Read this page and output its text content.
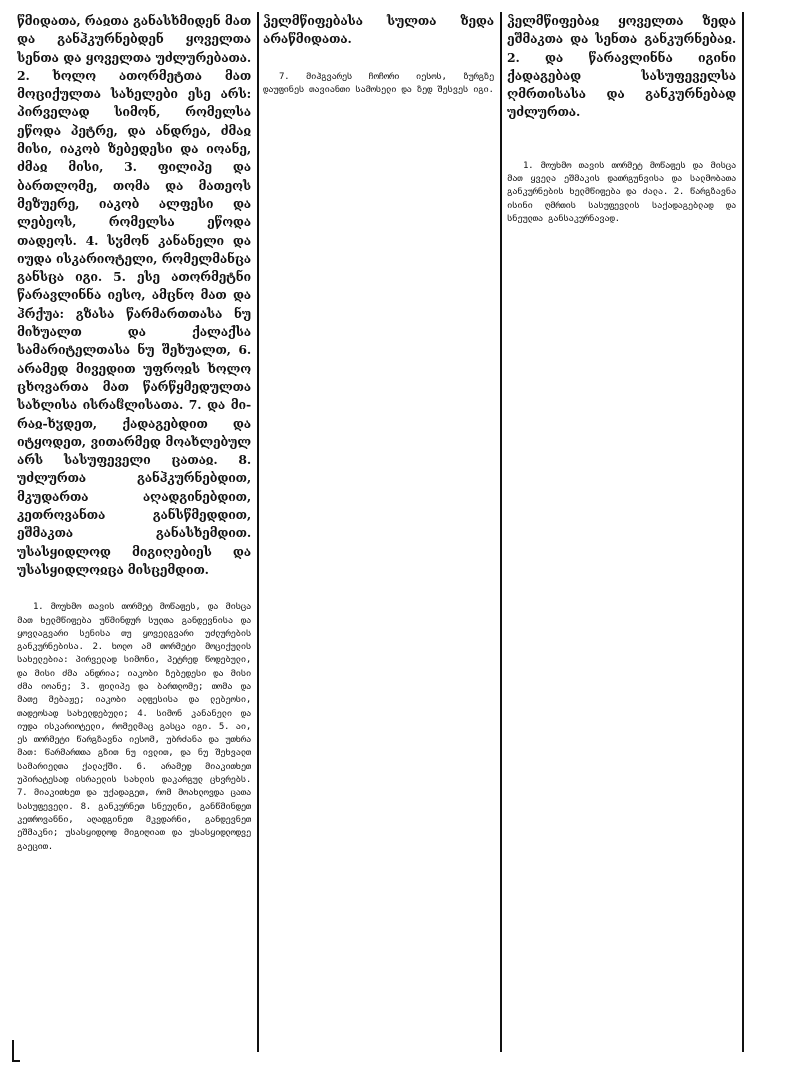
წმიდათა, რაჲთა განასხმიდენ მათ და განჰკურნებდენ ყოველთა სენთა და ყოველთა უძლურებათა. 2. ხოლო ათორმეტთა მათ მოციქულთა სახელები ესე არს: პირველად სიმონ, რომელსა ეწოდა პეტრე, და ანდრეა, ძმაჲ მისი, იაკობ ზებედესი და იოანე, ძმაჲ მისი, 3. ფილიპე და ბართლომე, თომა და მათეოს მეზუერე, იაკობ ალფესი და ლებეოს, რომელსა ეწოდა თადეოს. 4. სჳმონ კანანელი და იუდა ისკარიოტელი, რომელმანცა განსცა იგი. 5. ესე ათორმეტნი წარავლინნა იესო, ამცნო მათ და ჰრქუა: გზასა წარმართთასა ნუ მიხუალთ და ქალაქსა სამარიტელთასა ნუ შეხუალთ, 6. არამედ მივედით უფროჲს ხოლო ცხოვართა მათ წარწყმედულთა სახლისა ისრაჱლისათა. 7. და მი-რაჲ-ხჳდეთ, ქადაგებდით და იტყოდეთ, ვითარმედ მოახლებულ არს სასუფეველი ცათაჲ. 8. უძლურთა განჰკურნებდით, მკუდართა აღადგინებდით, კეთროვანთა განსწმედდით, ეშმაკთა განასხემდით. უსასყიდლოდ მიგიღებიეს და უსასყიდლოჲცა მისცემდით.

1. მოუხმო თავის თორმეტ მოწაფეს, და მისცა მათ ხელმწიფება უწმინდურ სულთა განდევნისა და ყოვლაგვარი სენისა თუ ყოველგვარი უძლურების განკურნებისა. 2. ხოლო ამ თორმეტი მოციქულის სახელებია: პირველად სიმონი, პეტრედ წოდებული, და მისი ძმა ანდრია; იაკობი ზებედესი და მისი ძმა იოანე; 3. ფილიპე და ბართლომე; თომა და მათე მებაჟე; იაკობი ალფესისა და ლებეოსი, თადეოსად სახელდებული; 4. სიმონ კანანელი და იუდა ისკარიოტელი, რომელმაც გასცა იგი. 5. აი, ეს თორმეტი წარგზავნა იესომ, უბრძანა და უთხრა მათ: წარმართთა გზით ნუ ივლით, და ნუ შეხვალთ სამარიელთა ქალაქში. 6. არამედ მიაკითხეთ უპირატესად ისრაელის სახლის დაკარგულ ცხვრებს. 7. მიაკითხეთ და უქადაგეთ, რომ მოახლოვდა ცათა სასუფეველი. 8. განკურნეთ სნეულნი, განწმინდეთ კეთროვანნი, აღადგინეთ მკვდარნი, განდევნეთ ეშმაკნი; უსასყიდლოდ მიგიღიათ და უსასყიდლოდვე გაეცით.

ჴელმწიფებასა სულთა ზედა არაწმიდათა.

7. მიჰგვარეს ჩოჩორი იესოს, ზურგზე დაუფინეს თავიანთი სამოსელი და ზედ შესვეს იგი.

ჴელმწიფებაჲ ყოველთა ზედა ეშმაკთა და სენთა განკურნებაჲ. 2. და წარავლინნა იგინი ქადაგებად სასუფეველსა ღმრთისასა და განკურნებად უძლურთა.

1. მოუხმო თავის თორმეტ მოწაფეს და მისცა მათ ყველა ეშმაკის დათრგუნვისა და სალმობათა განკურნების ხელმწიფება და ძალა. 2. წარგზავნა ისინი ღმრთის სასუფევლის საქადაგებლად და სნეულთა განსაკურნავად.
